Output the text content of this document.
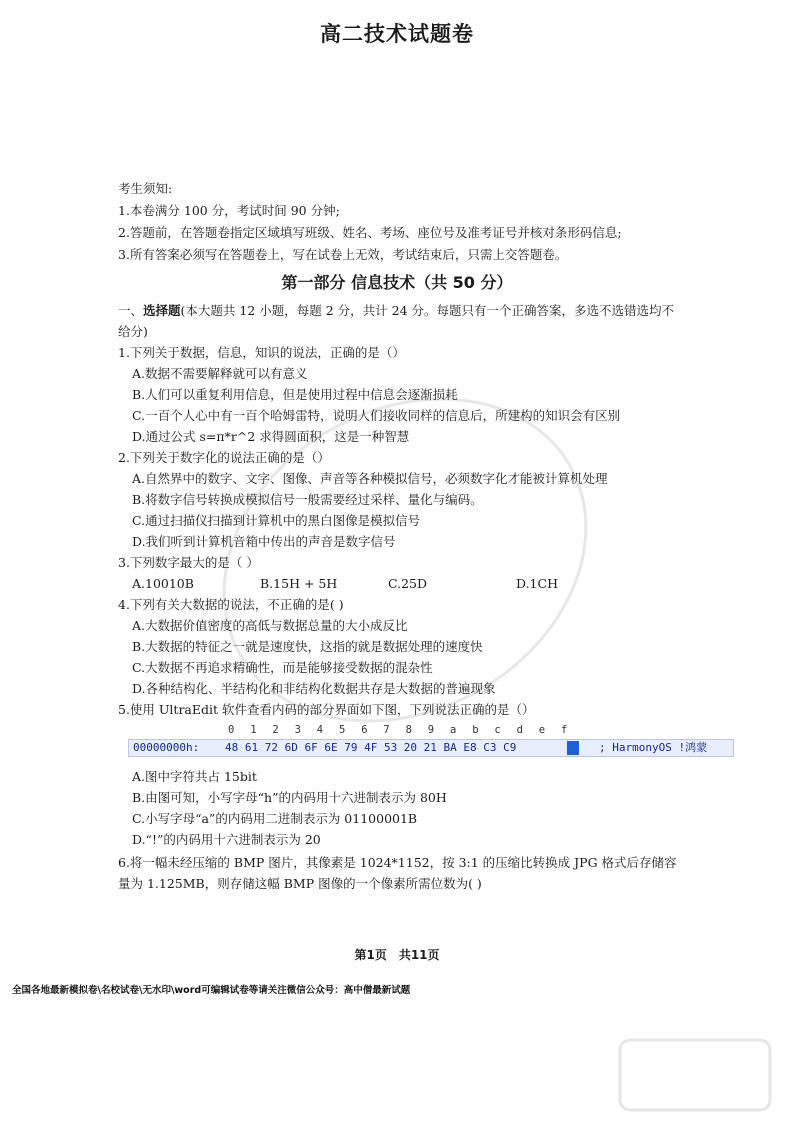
高二技术试题卷
考生须知:
1.本卷满分 100 分，考试时间 90 分钟;
2.答题前，在答题卷指定区域填写班级、姓名、考场、座位号及准考证号并核对条形码信息;
3.所有答案必须写在答题卷上，写在试卷上无效，考试结束后，只需上交答题卷。
第一部分 信息技术（共 50 分）
一、选择题(本大题共 12 小题，每题 2 分，共计 24 分。每题只有一个正确答案，多选不选错选均不给分)
1.下列关于数据，信息，知识的说法，正确的是（）
A.数据不需要解释就可以有意义
B.人们可以重复利用信息，但是使用过程中信息会逐渐损耗
C.一百个人心中有一百个哈姆雷特，说明人们接收同样的信息后，所建构的知识会有区别
D.通过公式 s=π*r^2 求得圆面积，这是一种智慧
2.下列关于数字化的说法正确的是（）
A.自然界中的数字、文字、图像、声音等各种模拟信号，必须数字化才能被计算机处理
B.将数字信号转换成模拟信号一般需要经过采样、量化与编码。
C.通过扫描仪扫描到计算机中的黑白图像是模拟信号
D.我们听到计算机音箱中传出的声音是数字信号
3.下列数字最大的是（ ）
A.10010B	B.15H + 5H	C.25D	D.1CH
4.下列有关大数据的说法，不正确的是( )
A.大数据价值密度的高低与数据总量的大小成反比
B.大数据的特征之一就是速度快，这指的就是数据处理的速度快
C.大数据不再追求精确性，而是能够接受数据的混杂性
D.各种结构化、半结构化和非结构化数据共存是大数据的普遍现象
5.使用 UltraEdit 软件查看内码的部分界面如下图，下列说法正确的是（）
0 1 2 3 4 5 6 7 8 9 a b c d e f
00000000h: 48 61 72 6D 6F 6E 79 4F 53 20 21 BA E8 C3 C9	; HarmonyOS !鸿蒙
A.图中字符共占 15bit
B.由图可知，小写字母“h”的内码用十六进制表示为 80H
C.小写字母“a”的内码用二进制表示为 01100001B
D.“!”的内码用十六进制表示为 20
6.将一幅未经压缩的 BMP 图片，其像素是 1024*1152，按 3:1 的压缩比转换成 JPG 格式后存储容量为 1.125MB，则存储这幅 BMP 图像的一个像素所需位数为( )
第1页　共11页
全国各地最新模拟卷\名校试卷\无水印\word可编辑试卷等请关注微信公众号：高中僧最新试题
